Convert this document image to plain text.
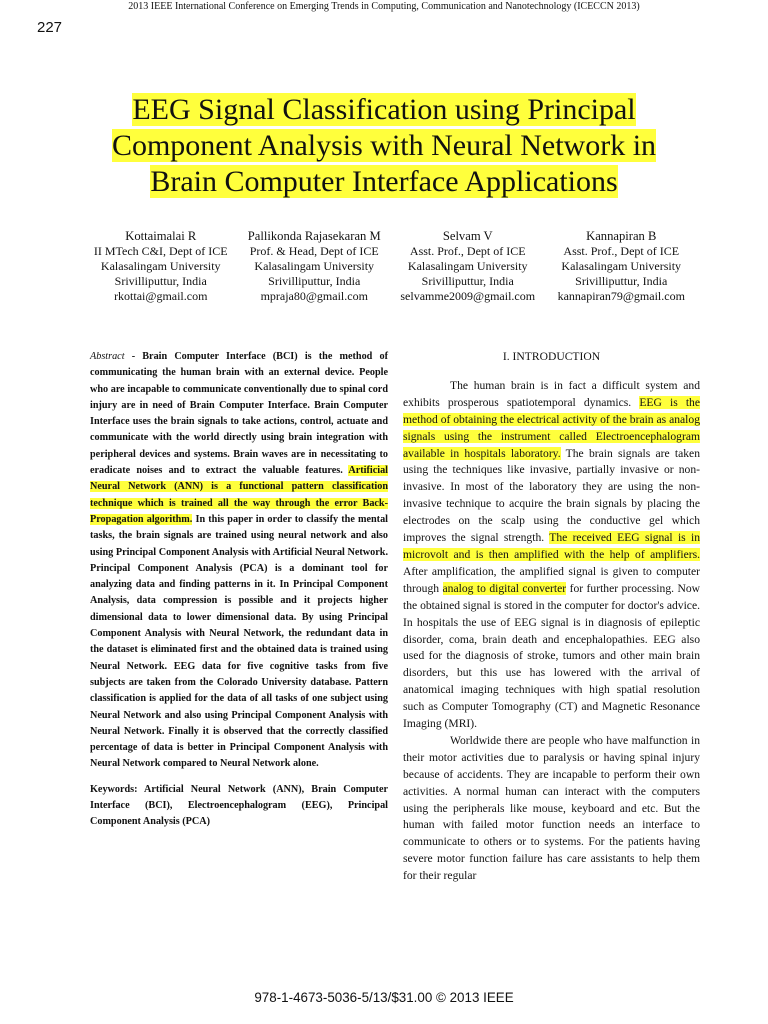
2013 IEEE International Conference on Emerging Trends in Computing, Communication and Nanotechnology (ICECCN 2013)
227
EEG Signal Classification using Principal
Component Analysis with Neural Network in
Brain Computer Interface Applications
Kottaimalai R
II MTech C&I, Dept of ICE
Kalasalingam University
Srivilliputtur, India
rkottai@gmail.com
Pallikonda Rajasekaran M
Prof. & Head, Dept of ICE
Kalasalingam University
Srivilliputtur, India
mpraja80@gmail.com
Selvam V
Asst. Prof., Dept of ICE
Kalasalingam University
Srivilliputtur, India
selvamme2009@gmail.com
Kannapiran B
Asst. Prof., Dept of ICE
Kalasalingam University
Srivilliputtur, India
kannapiran79@gmail.com
Abstract - Brain Computer Interface (BCI) is the method of communicating the human brain with an external device. People who are incapable to communicate conventionally due to spinal cord injury are in need of Brain Computer Interface. Brain Computer Interface uses the brain signals to take actions, control, actuate and communicate with the world directly using brain integration with peripheral devices and systems. Brain waves are in necessitating to eradicate noises and to extract the valuable features. Artificial Neural Network (ANN) is a functional pattern classification technique which is trained all the way through the error Back-Propagation algorithm. In this paper in order to classify the mental tasks, the brain signals are trained using neural network and also using Principal Component Analysis with Artificial Neural Network. Principal Component Analysis (PCA) is a dominant tool for analyzing data and finding patterns in it. In Principal Component Analysis, data compression is possible and it projects higher dimensional data to lower dimensional data. By using Principal Component Analysis with Neural Network, the redundant data in the dataset is eliminated first and the obtained data is trained using Neural Network. EEG data for five cognitive tasks from five subjects are taken from the Colorado University database. Pattern classification is applied for the data of all tasks of one subject using Neural Network and also using Principal Component Analysis with Neural Network. Finally it is observed that the correctly classified percentage of data is better in Principal Component Analysis with Neural Network compared to Neural Network alone.
Keywords: Artificial Neural Network (ANN), Brain Computer Interface (BCI), Electroencephalogram (EEG), Principal Component Analysis (PCA)
I. INTRODUCTION

The human brain is in fact a difficult system and exhibits prosperous spatiotemporal dynamics. EEG is the method of obtaining the electrical activity of the brain as analog signals using the instrument called Electroencephalogram available in hospitals laboratory. The brain signals are taken using the techniques like invasive, partially invasive or non-invasive. In most of the laboratory they are using the non-invasive technique to acquire the brain signals by placing the electrodes on the scalp using the conductive gel which improves the signal strength. The received EEG signal is in microvolt and is then amplified with the help of amplifiers. After amplification, the amplified signal is given to computer through analog to digital converter for further processing. Now the obtained signal is stored in the computer for doctor's advice. In hospitals the use of EEG signal is in diagnosis of epileptic disorder, coma, brain death and encephalopathies. EEG also used for the diagnosis of stroke, tumors and other main brain disorders, but this use has lowered with the arrival of anatomical imaging techniques with high spatial resolution such as Computer Tomography (CT) and Magnetic Resonance Imaging (MRI).

Worldwide there are people who have malfunction in their motor activities due to paralysis or having spinal injury because of accidents. They are incapable to perform their own activities. A normal human can interact with the computers using the peripherals like mouse, keyboard and etc. But the human with failed motor function needs an interface to communicate to others or to systems. For the patients having severe motor function failure has care assistants to help them for their regular

978-1-4673-5036-5/13/$31.00 © 2013 IEEE
